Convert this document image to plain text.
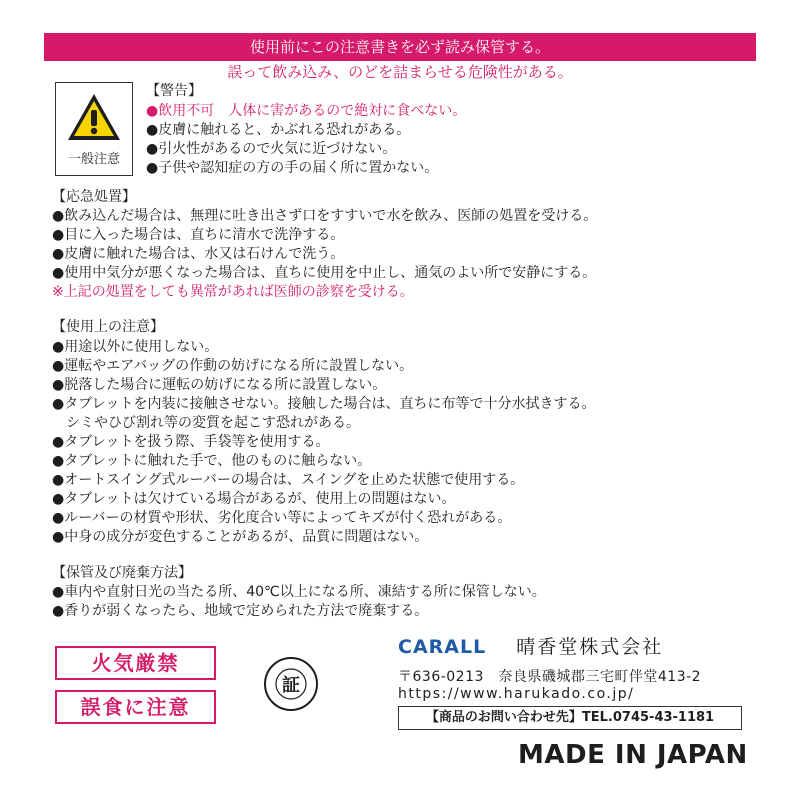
使用前にこの注意書きを必ず読み保管する。
誤って飲み込み、のどを詰まらせる危険性がある。
一般注意
【警告】
●飲用不可　人体に害があるので絶対に食べない。
●皮膚に触れると、かぶれる恐れがある。
●引火性があるので火気に近づけない。
●子供や認知症の方の手の届く所に置かない。
【応急処置】
●飲み込んだ場合は、無理に吐き出さず口をすすいで水を飲み、医師の処置を受ける。
●目に入った場合は、直ちに清水で洗浄する。
●皮膚に触れた場合は、水又は石けんで洗う。
●使用中気分が悪くなった場合は、直ちに使用を中止し、通気のよい所で安静にする。
※上記の処置をしても異常があれば医師の診察を受ける。
【使用上の注意】
●用途以外に使用しない。
●運転やエアバッグの作動の妨げになる所に設置しない。
●脱落した場合に運転の妨げになる所に設置しない。
●タブレットを内装に接触させない。接触した場合は、直ちに布等で十分水拭きする。
　シミやひび割れ等の変質を起こす恐れがある。
●タブレットを扱う際、手袋等を使用する。
●タブレットに触れた手で、他のものに触らない。
●オートスイング式ルーバーの場合は、スイングを止めた状態で使用する。
●タブレットは欠けている場合があるが、使用上の問題はない。
●ルーバーの材質や形状、劣化度合い等によってキズが付く恐れがある。
●中身の成分が変色することがあるが、品質に問題はない。
【保管及び廃棄方法】
●車内や直射日光の当たる所、40℃以上になる所、凍結する所に保管しない。
●香りが弱くなったら、地域で定められた方法で廃棄する。
火気厳禁
誤食に注意
証
CARALL 晴香堂株式会社
〒636-0213　奈良県磯城郡三宅町伴堂413-2
https://www.harukado.co.jp/
【商品のお問い合わせ先】TEL.0745-43-1181
MADE IN JAPAN
